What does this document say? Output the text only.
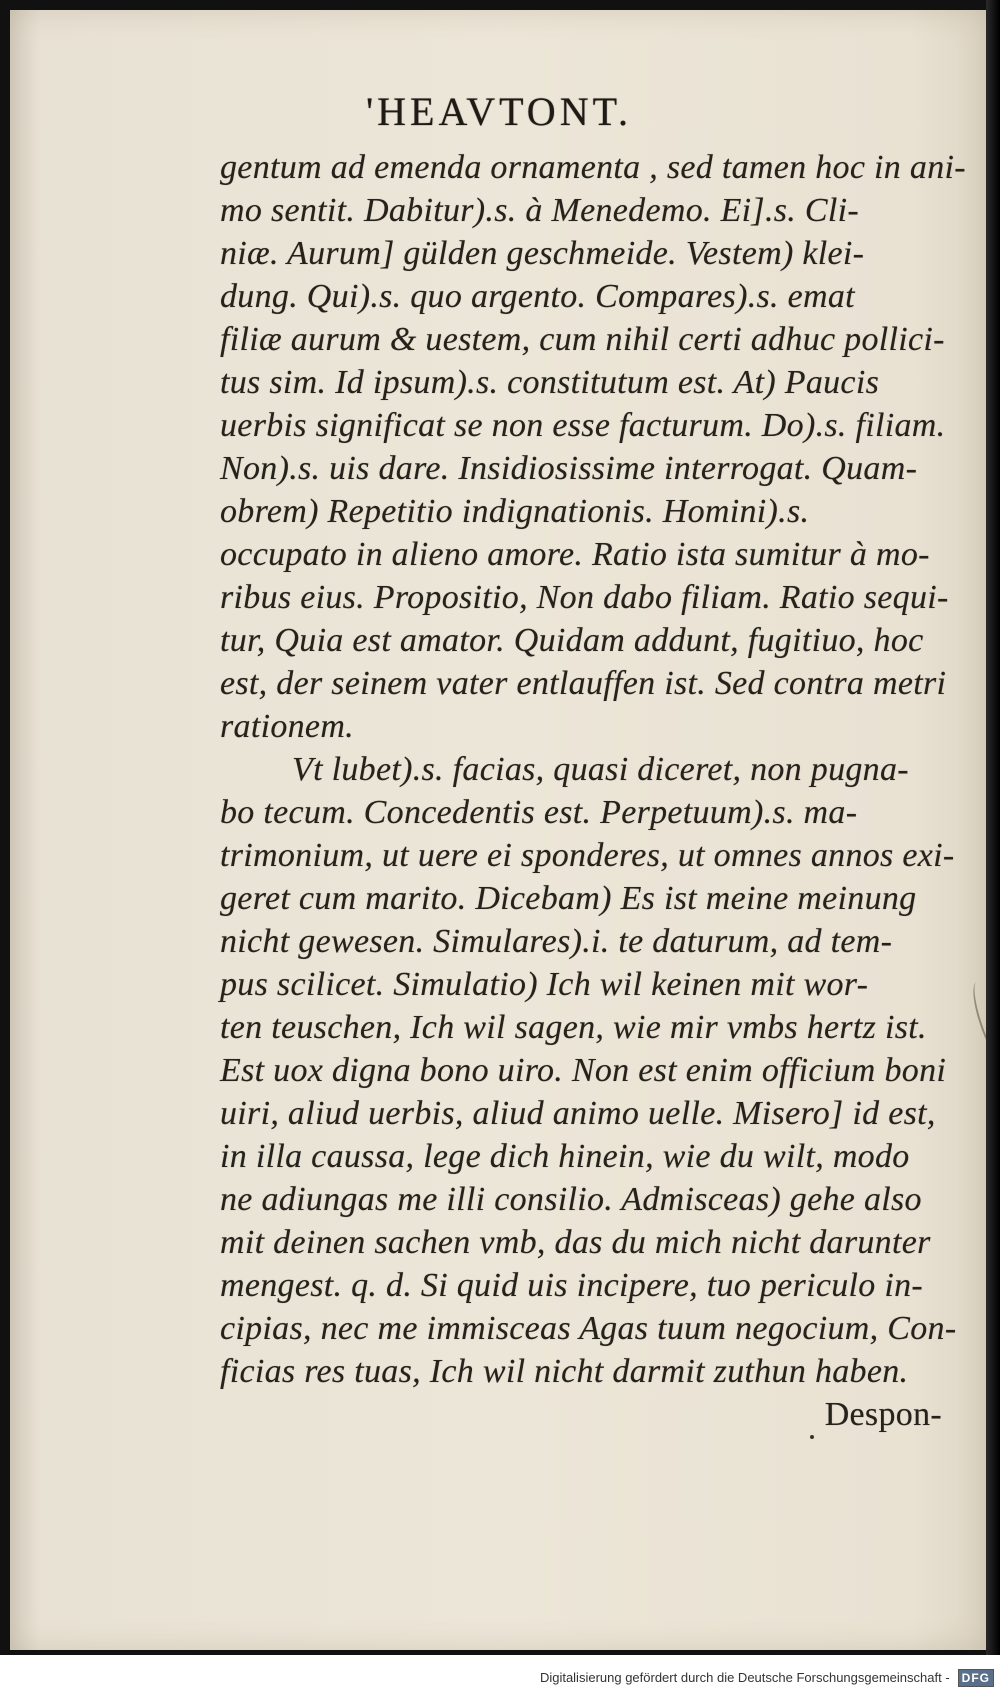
'HEAVTONT.
gentum ad emenda ornamenta , sed tamen hoc in ani-
mo sentit. Dabitur).s. à Menedemo. Ei].s. Cli-
niæ. Aurum] gülden geschmeide. Vestem) klei-
dung. Qui).s. quo argento. Compares).s. emat
filiæ aurum & uestem, cum nihil certi adhuc pollici-
tus sim. Id ipsum).s. constitutum est. At) Paucis
uerbis significat se non esse facturum. Do).s. filiam.
Non).s. uis dare. Insidiosissime interrogat. Quam-
obrem) Repetitio indignationis. Homini).s.
occupato in alieno amore. Ratio ista sumitur à mo-
ribus eius. Propositio, Non dabo filiam. Ratio sequi-
tur, Quia est amator. Quidam addunt, fugitiuo, hoc
est, der seinem vater entlauffen ist. Sed contra metri
rationem.
Vt lubet).s. facias, quasi diceret, non pugna-
bo tecum. Concedentis est. Perpetuum).s. ma-
trimonium, ut uere ei sponderes, ut omnes annos exi-
geret cum marito. Dicebam) Es ist meine meinung
nicht gewesen. Simulares).i. te daturum, ad tem-
pus scilicet. Simulatio) Ich wil keinen mit wor-
ten teuschen, Ich wil sagen, wie mir vmbs hertz ist.
Est uox digna bono uiro. Non est enim officium boni
uiri, aliud uerbis, aliud animo uelle. Misero] id est,
in illa caussa, lege dich hinein, wie du wilt, modo
ne adiungas me illi consilio. Admisceas) gehe also
mit deinen sachen vmb, das du mich nicht darunter
mengest. q. d. Si quid uis incipere, tuo periculo in-
cipias, nec me immisceas Agas tuum negocium, Con-
ficias res tuas, Ich wil nicht darmit zuthun haben.
Despon-
Digitalisierung gefördert durch die Deutsche Forschungsgemeinschaft -	DFG
